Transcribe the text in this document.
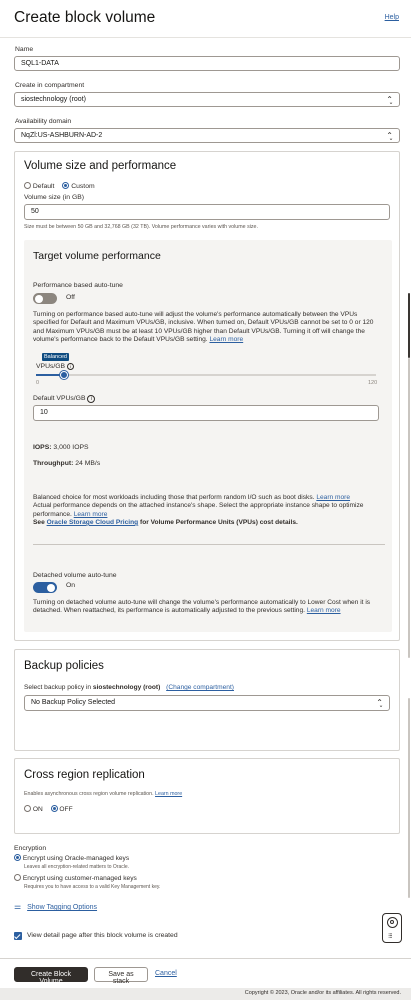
Create block volume	Help
Name
SQL1-DATA
Create in compartment
siostechnology (root)	⌃̬
Availability domain
NqZl:US-ASHBURN-AD-2	⌃̬
Volume size and performance
Default Custom
Volume size (in GB)
50
Size must be between 50 GB and 32,768 GB (32 TB). Volume performance varies with volume size.
Target volume performance
Performance based auto-tune
Off
Turning on performance based auto-tune will adjust the volume's performance automatically between the VPUs specified for Default and Maximum VPUs/GB, inclusive. When turned on, Default VPUs/GB cannot be set to 0 or 120 and Maximum VPUs/GB must be at least 10 VPUs/GB higher than Default VPUs/GB. Turning it off will change the volume's performance back to the Default VPUs/GB setting. Learn more
Balanced
VPUs/GB i
0	120
Default VPUs/GB i
10
IOPS: 3,000 IOPS
Throughput: 24 MB/s
Balanced choice for most workloads including those that perform random I/O such as boot disks. Learn more
Actual performance depends on the attached instance's shape. Select the appropriate instance shape to optimize performance. Learn more
See Oracle Storage Cloud Pricing for Volume Performance Units (VPUs) cost details.
Detached volume auto-tune
On
Turning on detached volume auto-tune will change the volume's performance automatically to Lower Cost when it is detached. When reattached, its performance is automatically adjusted to the previous setting. Learn more
Backup policies
Select backup policy in siostechnology (root) (Change compartment)
No Backup Policy Selected	⌃̬
Cross region replication
Enables asynchronous cross region volume replication. Learn more
ON	OFF
Encryption
Encrypt using Oracle-managed keys
Leaves all encryption-related matters to Oracle.
Encrypt using customer-managed keys
Requires you to have access to a valid Key Management key.
⚌ Show Tagging Options
⁝⁝⁝
View detail page after this block volume is created
Create Block Volume
Save as stack
Cancel
Copyright © 2023, Oracle and/or its affiliates. All rights reserved.
